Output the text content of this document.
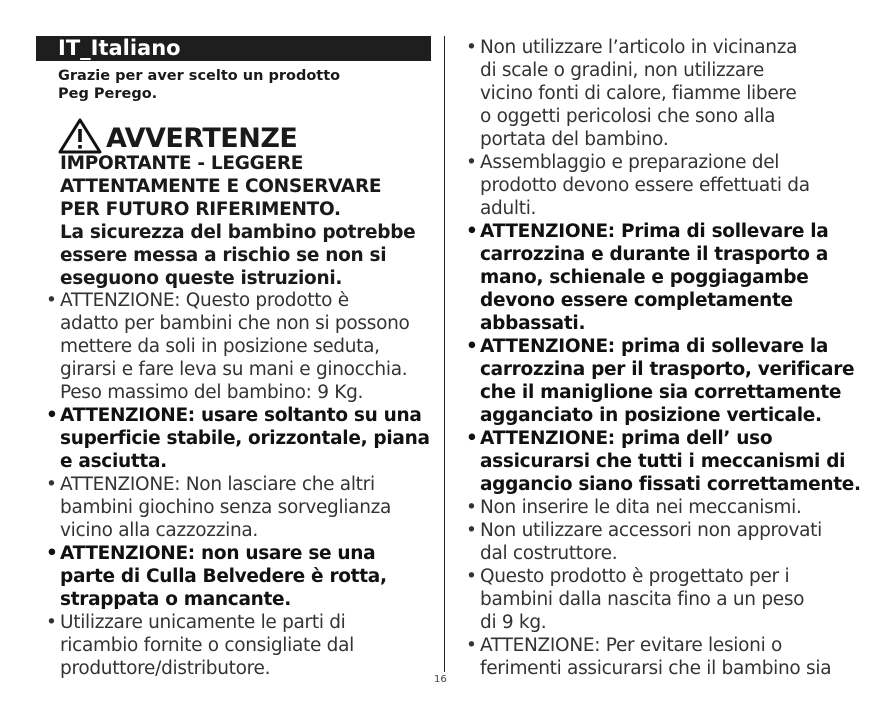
IT_Italiano
Grazie per aver scelto un prodotto
Peg Perego.
AVVERTENZE
IMPORTANTE - LEGGERE
ATTENTAMENTE E CONSERVARE
PER FUTURO RIFERIMENTO.
La sicurezza del bambino potrebbe
essere messa a rischio se non si
eseguono queste istruzioni.
• ATTENZIONE: Questo prodotto è
adatto per bambini che non si possono
mettere da soli in posizione seduta,
girarsi e fare leva su mani e ginocchia.
Peso massimo del bambino: 9 Kg.
• ATTENZIONE: usare soltanto su una
superficie stabile, orizzontale, piana
e asciutta.
• ATTENZIONE: Non lasciare che altri
bambini giochino senza sorveglianza
vicino alla cazzozzina.
• ATTENZIONE: non usare se una
parte di Culla Belvedere è rotta,
strappata o mancante.
• Utilizzare unicamente le parti di
ricambio fornite o consigliate dal
produttore/distributore.
• Non utilizzare l’articolo in vicinanza
di scale o gradini, non utilizzare
vicino fonti di calore, fiamme libere
o oggetti pericolosi che sono alla
portata del bambino.
• Assemblaggio e preparazione del
prodotto devono essere effettuati da
adulti.
• ATTENZIONE: Prima di sollevare la
carrozzina e durante il trasporto a
mano, schienale e poggiagambe
devono essere completamente
abbassati.
• ATTENZIONE: prima di sollevare la
carrozzina per il trasporto, verificare
che il maniglione sia correttamente
agganciato in posizione verticale.
• ATTENZIONE: prima dell’ uso
assicurarsi che tutti i meccanismi di
aggancio siano fissati correttamente.
• Non inserire le dita nei meccanismi.
• Non utilizzare accessori non approvati
dal costruttore.
• Questo prodotto è progettato per i
bambini dalla nascita fino a un peso
di 9 kg.
• ATTENZIONE: Per evitare lesioni o
ferimenti assicurarsi che il bambino sia
16
